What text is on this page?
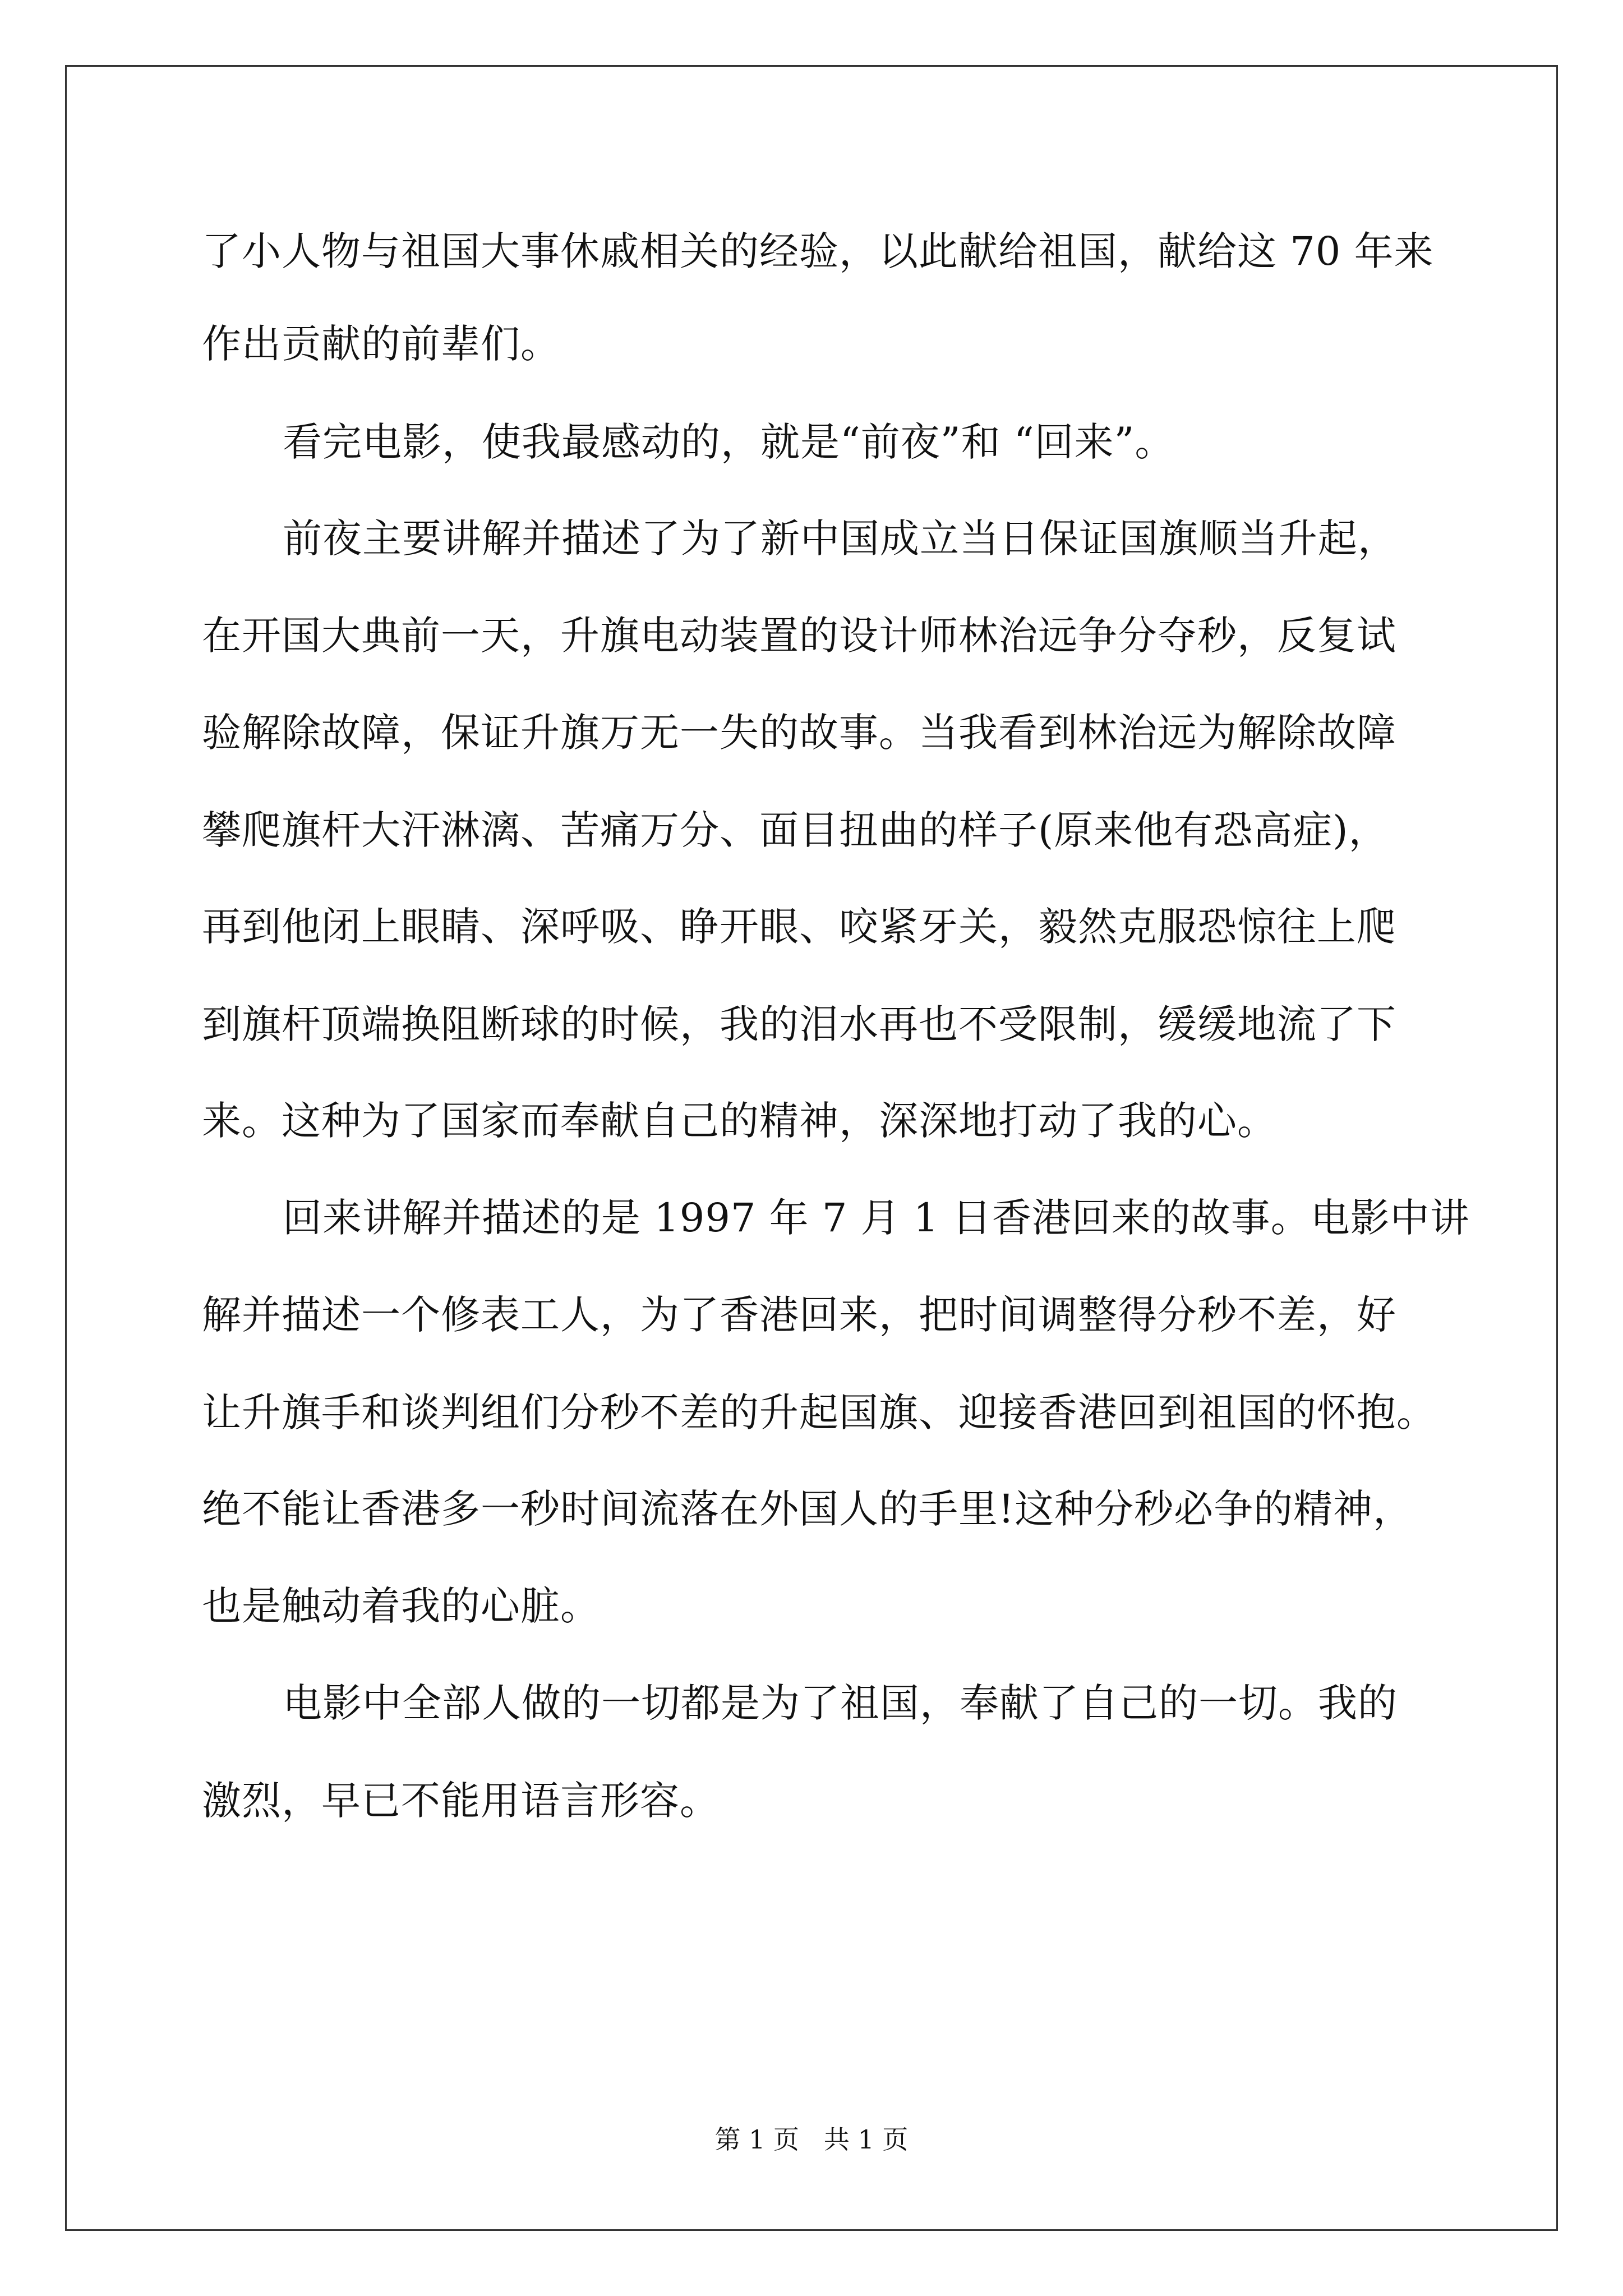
了小人物与祖国大事休戚相关的经验，以此献给祖国，献给这 70 年来

作出贡献的前辈们。

看完电影，使我最感动的，就是“前夜”和 “回来”。

前夜主要讲解并描述了为了新中国成立当日保证国旗顺当升起，

在开国大典前一天，升旗电动装置的设计师林治远争分夺秒，反复试

验解除故障，保证升旗万无一失的故事。当我看到林治远为解除故障

攀爬旗杆大汗淋漓、苦痛万分、面目扭曲的样子(原来他有恐高症)，

再到他闭上眼睛、深呼吸、睁开眼、咬紧牙关，毅然克服恐惊往上爬

到旗杆顶端换阻断球的时候，我的泪水再也不受限制，缓缓地流了下

来。这种为了国家而奉献自己的精神，深深地打动了我的心。

回来讲解并描述的是 1997 年 7 月 1 日香港回来的故事。电影中讲

解并描述一个修表工人，为了香港回来，把时间调整得分秒不差，好

让升旗手和谈判组们分秒不差的升起国旗、迎接香港回到祖国的怀抱。

绝不能让香港多一秒时间流落在外国人的手里!这种分秒必争的精神，

也是触动着我的心脏。

电影中全部人做的一切都是为了祖国，奉献了自己的一切。我的

激烈，早已不能用语言形容。

第 1 页   共 1 页
